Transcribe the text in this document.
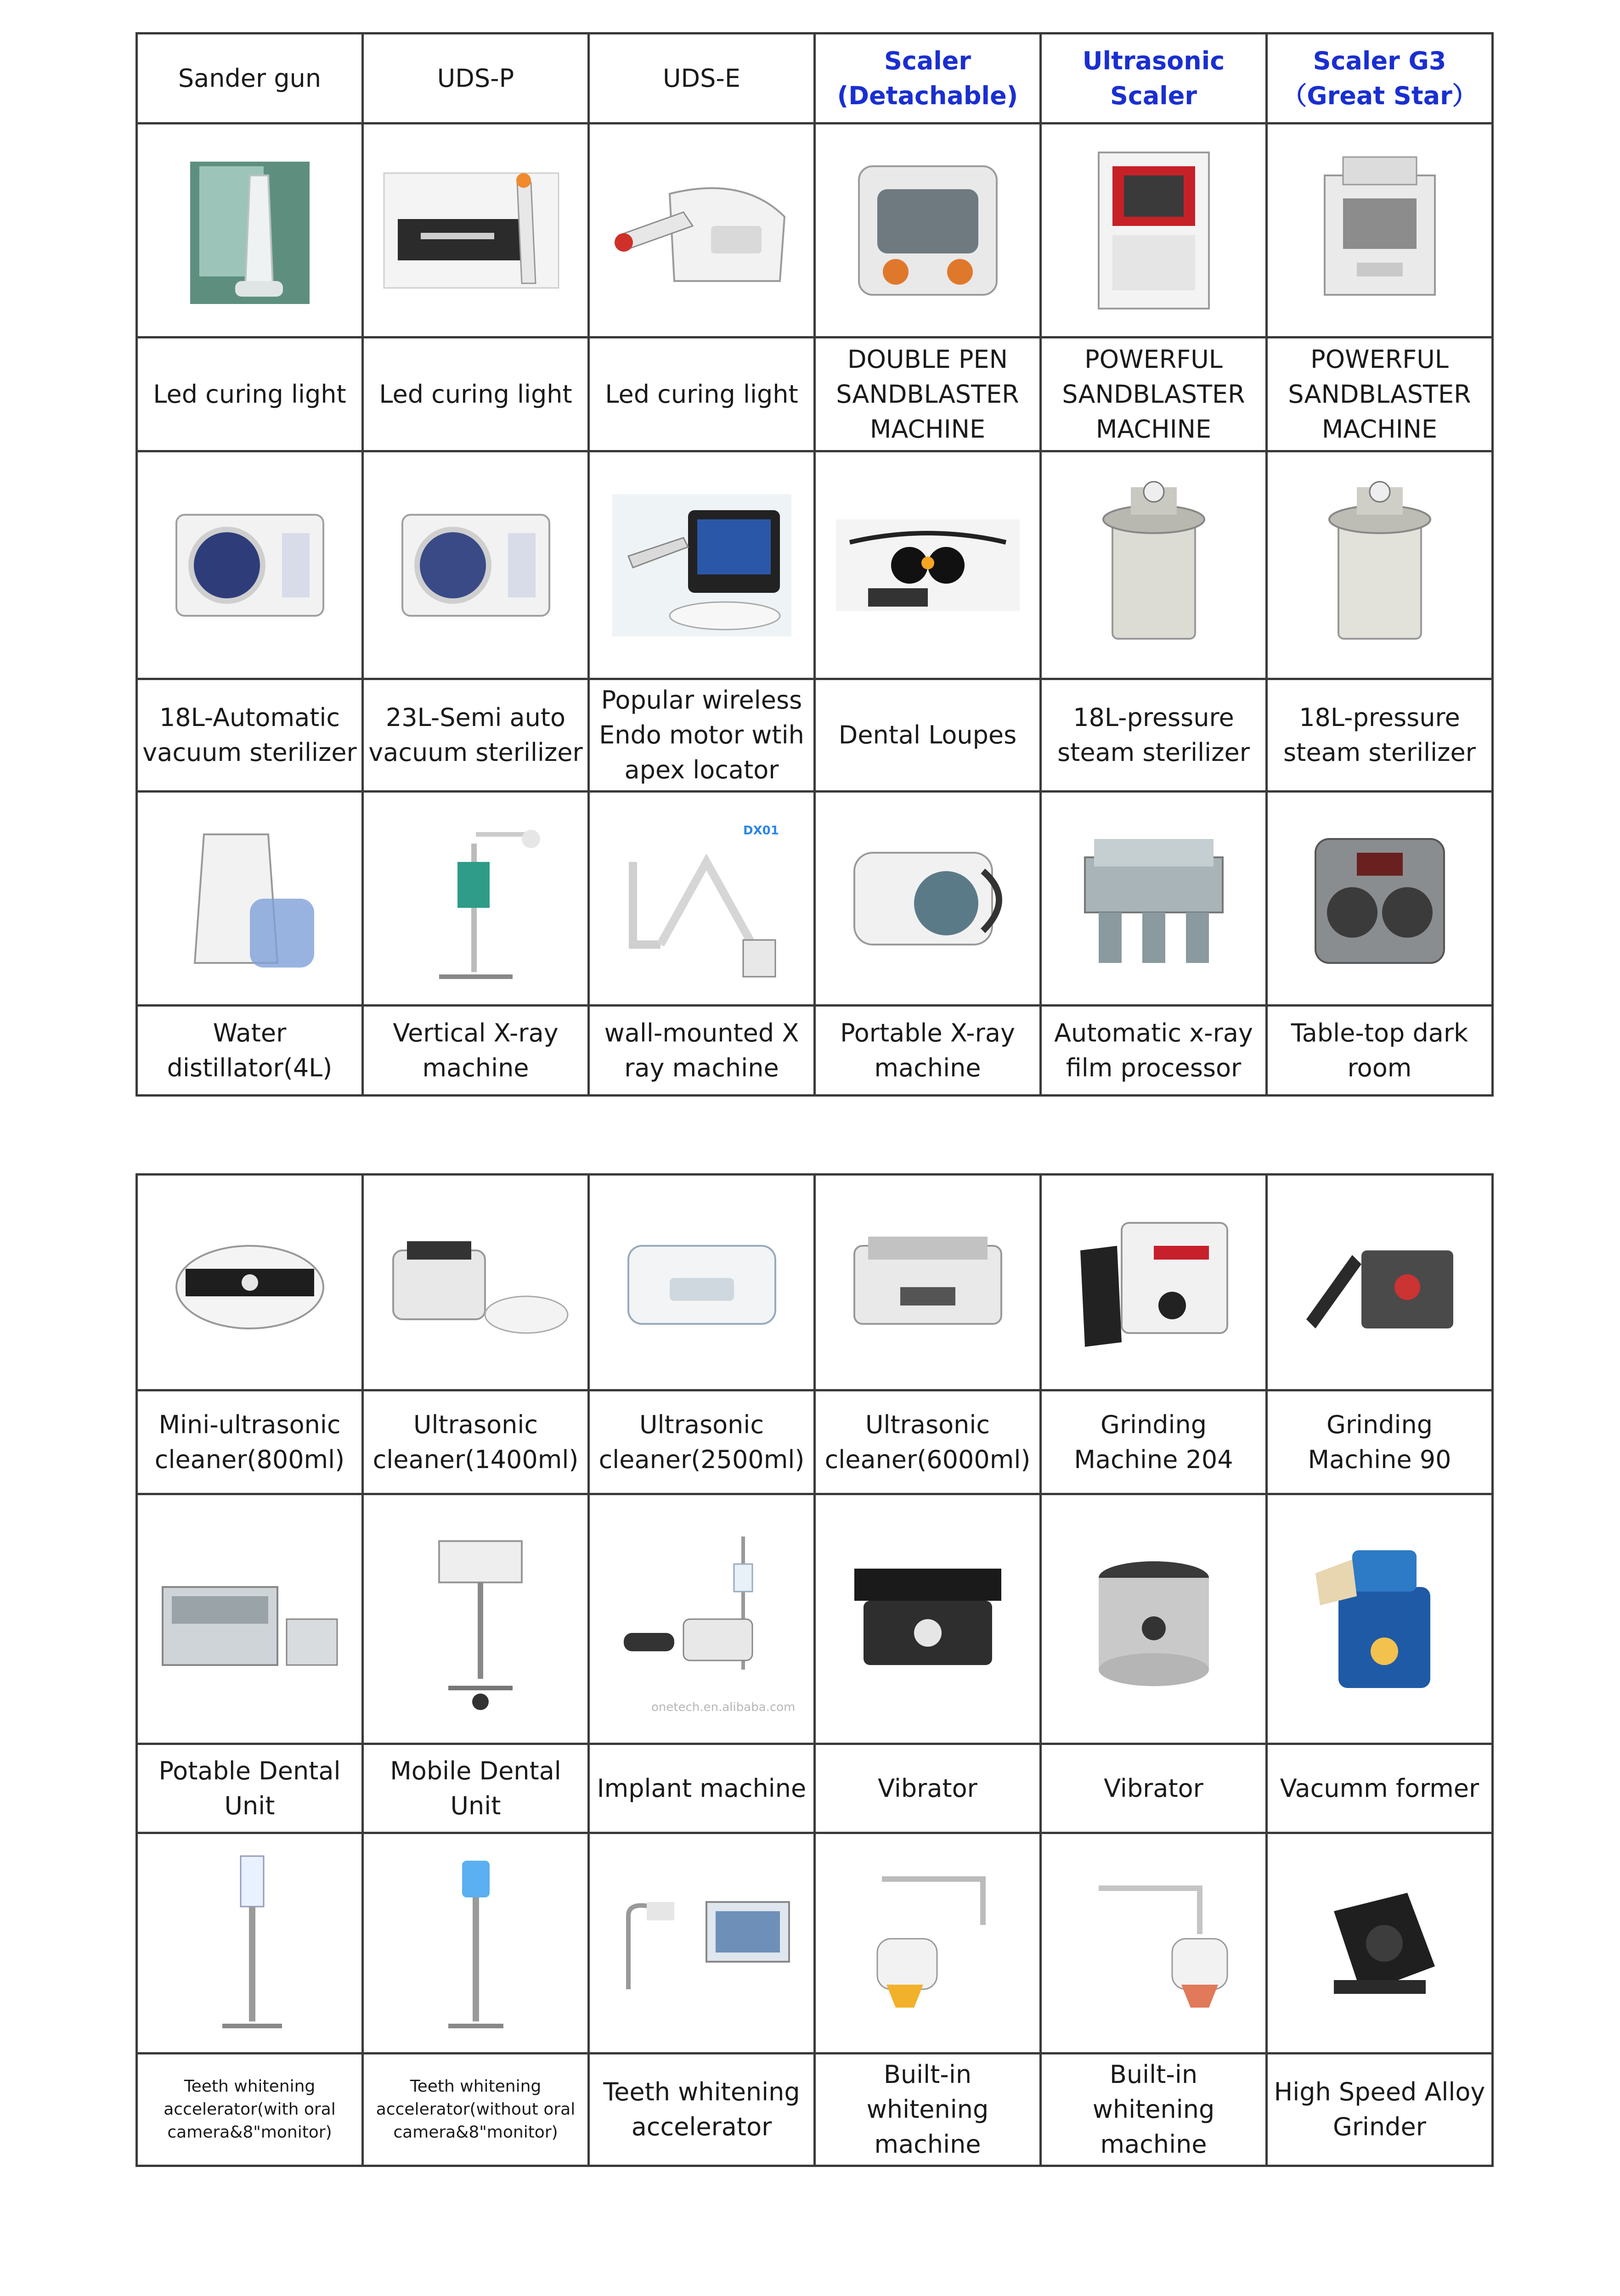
Sander gun	UDS-P	UDS-E	Scaler (Detachable)	Ultrasonic Scaler	Scaler G3（Great Star）

Led curing light	Led curing light	Led curing light	DOUBLE PEN SANDBLASTER MACHINE	POWERFUL SANDBLASTER MACHINE	POWERFUL SANDBLASTER MACHINE

18L-Automatic vacuum sterilizer	23L-Semi auto vacuum sterilizer	Popular wireless Endo motor wtih apex locator	Dental Loupes	18L-pressure steam sterilizer	18L-pressure steam sterilizer

DX01

Water distillator(4L)	Vertical X-ray machine	wall-mounted X ray machine	Portable X-ray machine	Automatic x-ray film processor	Table-top dark room

Mini-ultrasonic cleaner(800ml)	Ultrasonic cleaner(1400ml)	Ultrasonic cleaner(2500ml)	Ultrasonic cleaner(6000ml)	Grinding Machine 204	Grinding Machine 90

onetech.en.alibaba.com

Potable Dental Unit	Mobile Dental Unit	Implant machine	Vibrator	Vibrator	Vacumm former

Teeth whitening accelerator(with oral camera&8"monitor)	Teeth whitening accelerator(without oral camera&8"monitor)	Teeth whitening accelerator	Built-in whitening machine	Built-in whitening machine	High Speed Alloy Grinder
